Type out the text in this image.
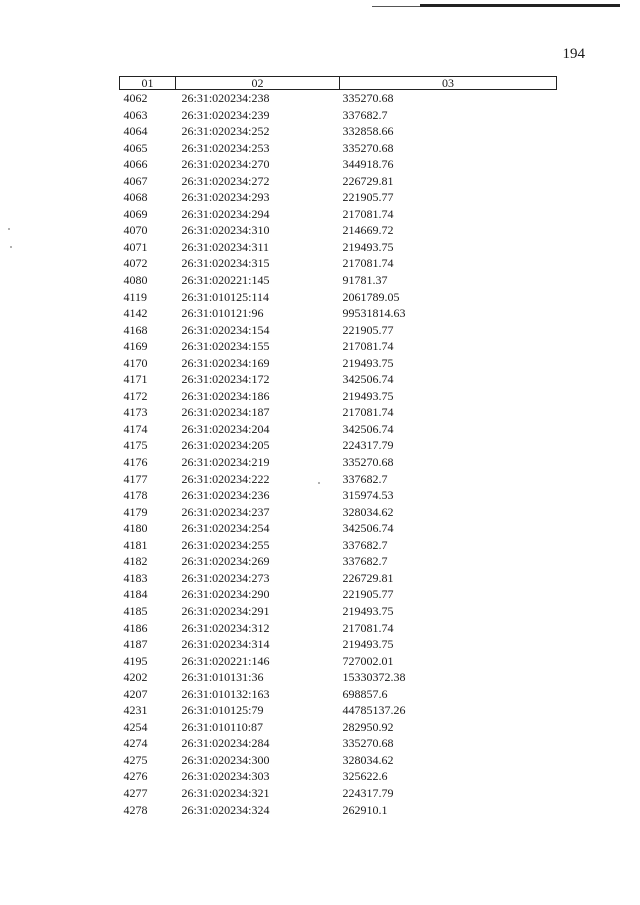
194
01	02	03
4062	26:31:020234:238	335270.68
4063	26:31:020234:239	337682.7
4064	26:31:020234:252	332858.66
4065	26:31:020234:253	335270.68
4066	26:31:020234:270	344918.76
4067	26:31:020234:272	226729.81
4068	26:31:020234:293	221905.77
4069	26:31:020234:294	217081.74
4070	26:31:020234:310	214669.72
4071	26:31:020234:311	219493.75
4072	26:31:020234:315	217081.74
4080	26:31:020221:145	91781.37
4119	26:31:010125:114	2061789.05
4142	26:31:010121:96	99531814.63
4168	26:31:020234:154	221905.77
4169	26:31:020234:155	217081.74
4170	26:31:020234:169	219493.75
4171	26:31:020234:172	342506.74
4172	26:31:020234:186	219493.75
4173	26:31:020234:187	217081.74
4174	26:31:020234:204	342506.74
4175	26:31:020234:205	224317.79
4176	26:31:020234:219	335270.68
4177	26:31:020234:222	337682.7
4178	26:31:020234:236	315974.53
4179	26:31:020234:237	328034.62
4180	26:31:020234:254	342506.74
4181	26:31:020234:255	337682.7
4182	26:31:020234:269	337682.7
4183	26:31:020234:273	226729.81
4184	26:31:020234:290	221905.77
4185	26:31:020234:291	219493.75
4186	26:31:020234:312	217081.74
4187	26:31:020234:314	219493.75
4195	26:31:020221:146	727002.01
4202	26:31:010131:36	15330372.38
4207	26:31:010132:163	698857.6
4231	26:31:010125:79	44785137.26
4254	26:31:010110:87	282950.92
4274	26:31:020234:284	335270.68
4275	26:31:020234:300	328034.62
4276	26:31:020234:303	325622.6
4277	26:31:020234:321	224317.79
4278	26:31:020234:324	262910.1
